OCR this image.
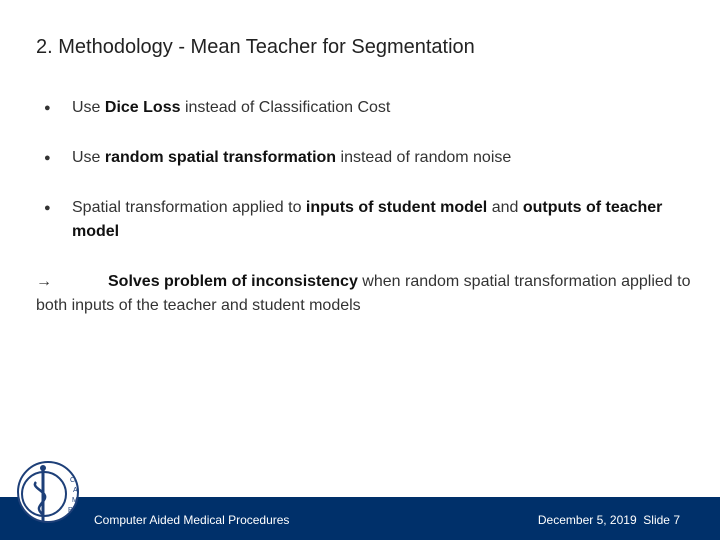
2. Methodology - Mean Teacher for Segmentation
●	Use Dice Loss instead of Classification Cost
●	Use random spatial transformation instead of random noise
●	Spatial transformation applied to inputs of student model and outputs of teacher model
→	Solves problem of inconsistency when random spatial transformation applied to both inputs of the teacher and student models
Computer Aided Medical Procedures	December 5, 2019 Slide 7
C
A
M
P
